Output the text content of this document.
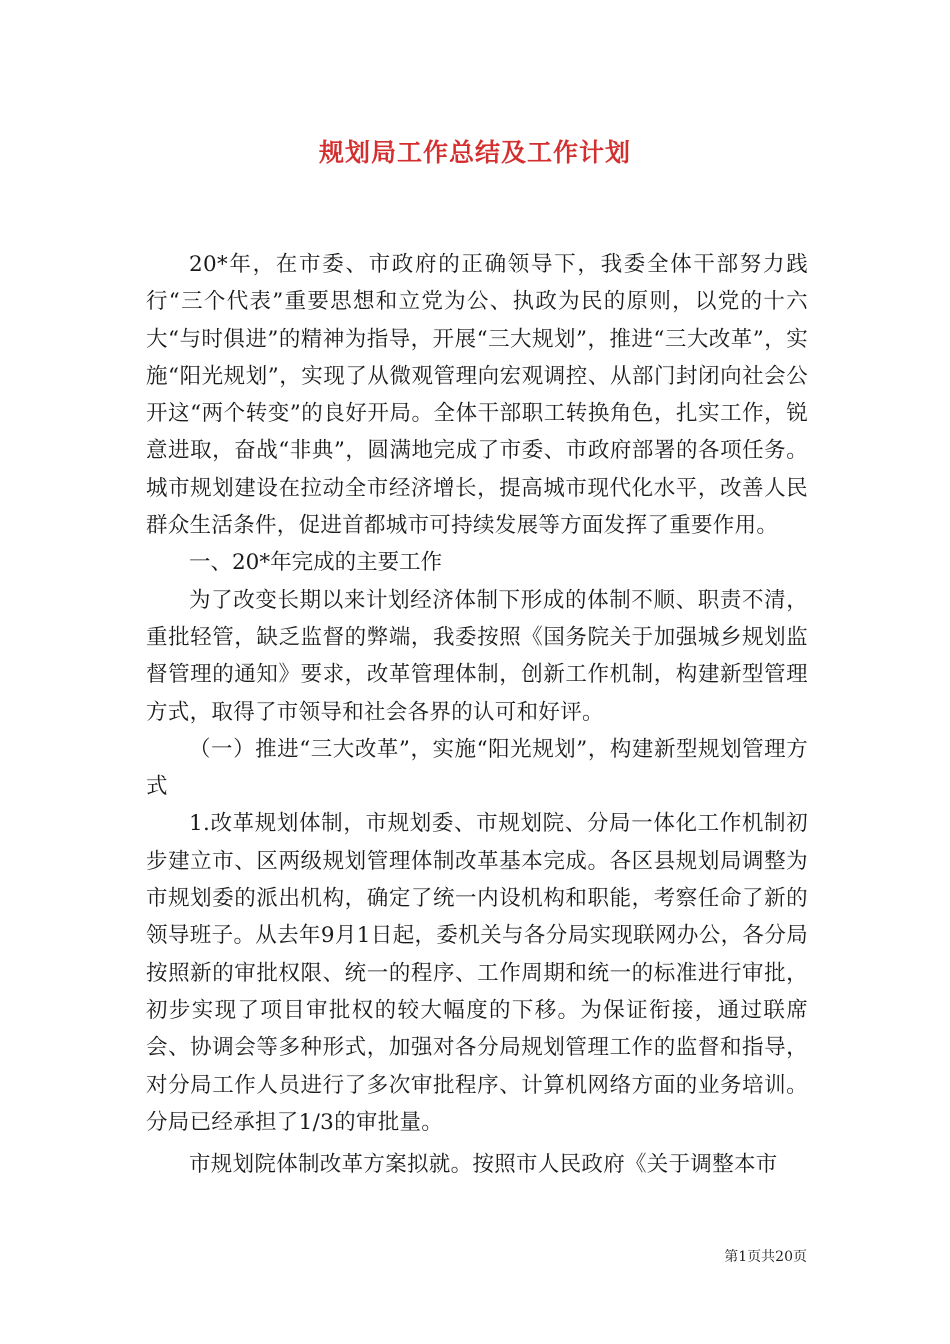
规划局工作总结及工作计划

20*年，在市委、市政府的正确领导下，我委全体干部努力践行“三个代表”重要思想和立党为公、执政为民的原则，以党的十六大“与时俱进”的精神为指导，开展“三大规划”，推进“三大改革”，实施“阳光规划”，实现了从微观管理向宏观调控、从部门封闭向社会公开这“两个转变”的良好开局。全体干部职工转换角色，扎实工作，锐意进取，奋战“非典”，圆满地完成了市委、市政府部署的各项任务。城市规划建设在拉动全市经济增长，提高城市现代化水平，改善人民群众生活条件，促进首都城市可持续发展等方面发挥了重要作用。

一、20*年完成的主要工作

为了改变长期以来计划经济体制下形成的体制不顺、职责不清，重批轻管，缺乏监督的弊端，我委按照《国务院关于加强城乡规划监督管理的通知》要求，改革管理体制，创新工作机制，构建新型管理方式，取得了市领导和社会各界的认可和好评。

（一）推进“三大改革”，实施“阳光规划”，构建新型规划管理方式

1.改革规划体制，市规划委、市规划院、分局一体化工作机制初步建立市、区两级规划管理体制改革基本完成。各区县规划局调整为市规划委的派出机构，确定了统一内设机构和职能，考察任命了新的领导班子。从去年9月1日起，委机关与各分局实现联网办公，各分局按照新的审批权限、统一的程序、工作周期和统一的标准进行审批，初步实现了项目审批权的较大幅度的下移。为保证衔接，通过联席会、协调会等多种形式，加强对各分局规划管理工作的监督和指导，对分局工作人员进行了多次审批程序、计算机网络方面的业务培训。分局已经承担了1/3的审批量。

市规划院体制改革方案拟就。按照市人民政府《关于调整本市

第1页共20页
